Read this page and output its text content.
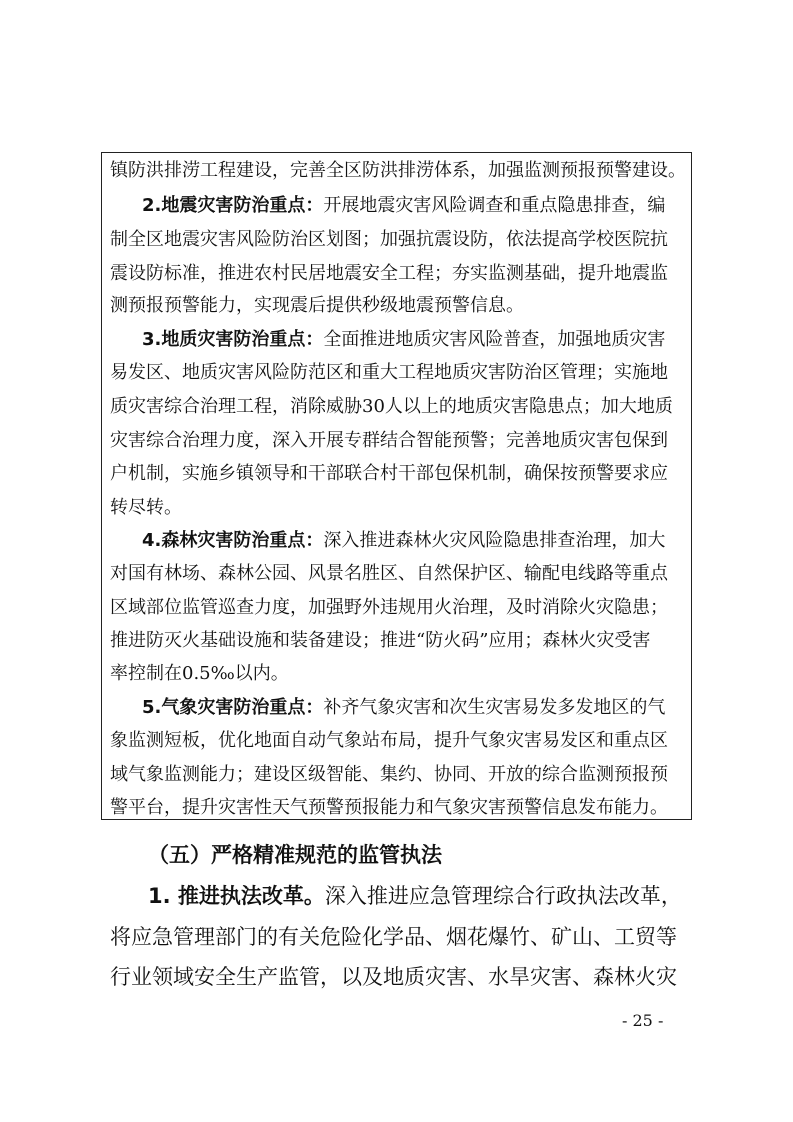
镇防洪排涝工程建设，完善全区防洪排涝体系，加强监测预报预警建设。
2.地震灾害防治重点：开展地震灾害风险调查和重点隐患排查，编
制全区地震灾害风险防治区划图；加强抗震设防，依法提高学校医院抗
震设防标准，推进农村民居地震安全工程；夯实监测基础，提升地震监
测预报预警能力，实现震后提供秒级地震预警信息。
3.地质灾害防治重点：全面推进地质灾害风险普查，加强地质灾害
易发区、地质灾害风险防范区和重大工程地质灾害防治区管理；实施地
质灾害综合治理工程，消除威胁30人以上的地质灾害隐患点；加大地质
灾害综合治理力度，深入开展专群结合智能预警；完善地质灾害包保到
户机制，实施乡镇领导和干部联合村干部包保机制，确保按预警要求应
转尽转。
4.森林灾害防治重点：深入推进森林火灾风险隐患排查治理，加大
对国有林场、森林公园、风景名胜区、自然保护区、输配电线路等重点
区域部位监管巡查力度，加强野外违规用火治理，及时消除火灾隐患；
推进防灭火基础设施和装备建设；推进“防火码”应用；森林火灾受害
率控制在0.5‰以内。
5.气象灾害防治重点：补齐气象灾害和次生灾害易发多发地区的气
象监测短板，优化地面自动气象站布局，提升气象灾害易发区和重点区
域气象监测能力；建设区级智能、集约、协同、开放的综合监测预报预
警平台，提升灾害性天气预警预报能力和气象灾害预警信息发布能力。
（五）严格精准规范的监管执法
1. 推进执法改革。深入推进应急管理综合行政执法改革，
将应急管理部门的有关危险化学品、烟花爆竹、矿山、工贸等
行业领域安全生产监管，以及地质灾害、水旱灾害、森林火灾
- 25 -
